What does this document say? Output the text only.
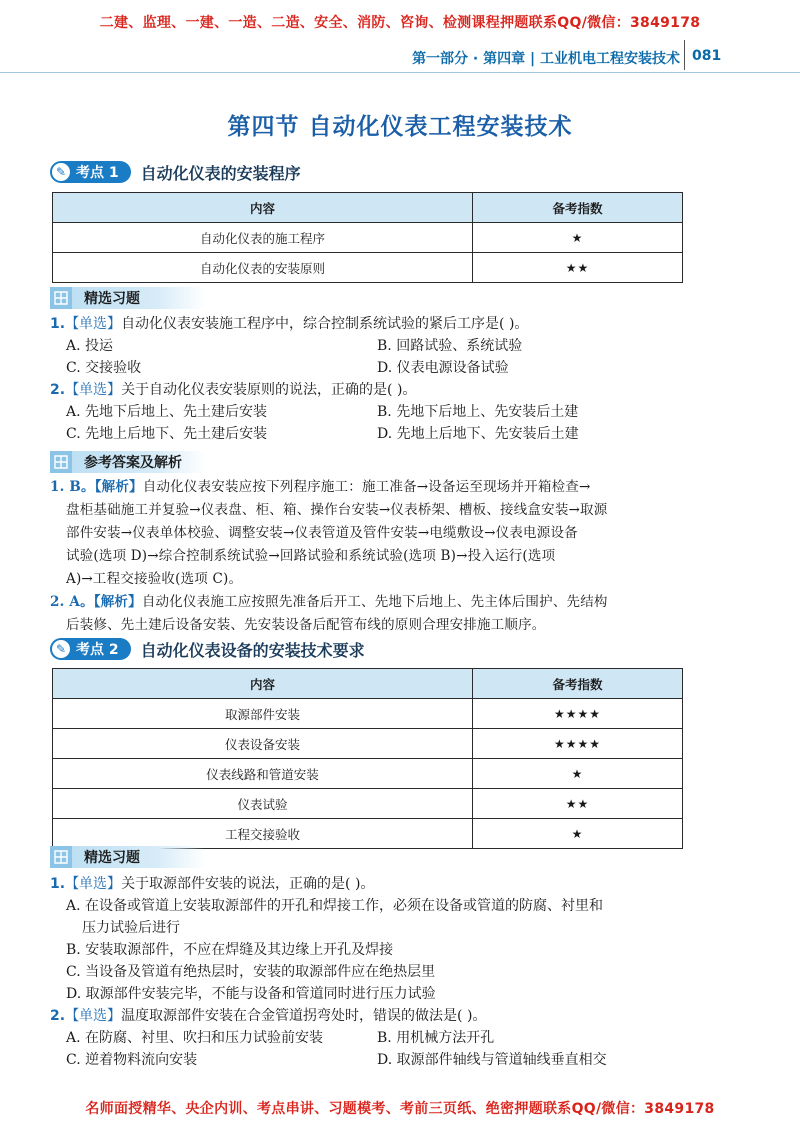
二建、监理、一建、一造、二造、安全、消防、咨询、检测课程押题联系QQ/微信：3849178
第一部分 · 第四章 | 工业机电工程安装技术 081
第四节 自动化仪表工程安装技术
✎ 考点 1 自动化仪表的安装程序
内容	备考指数
自动化仪表的施工程序	★
自动化仪表的安装原则	★★
精选习题
1.【单选】自动化仪表安装施工程序中，综合控制系统试验的紧后工序是( )。
A. 投运	B. 回路试验、系统试验
C. 交接验收	D. 仪表电源设备试验
2.【单选】关于自动化仪表安装原则的说法，正确的是( )。
A. 先地下后地上、先土建后安装	B. 先地下后地上、先安装后土建
C. 先地上后地下、先土建后安装	D. 先地上后地下、先安装后土建
参考答案及解析
1. B。【解析】自动化仪表安装应按下列程序施工：施工准备→设备运至现场并开箱检查→
盘柜基础施工并复验→仪表盘、柜、箱、操作台安装→仪表桥架、槽板、接线盒安装→取源
部件安装→仪表单体校验、调整安装→仪表管道及管件安装→电缆敷设→仪表电源设备
试验(选项 D)→综合控制系统试验→回路试验和系统试验(选项 B)→投入运行(选项
A)→工程交接验收(选项 C)。
2. A。【解析】自动化仪表施工应按照先准备后开工、先地下后地上、先主体后围护、先结构
后装修、先土建后设备安装、先安装设备后配管布线的原则合理安排施工顺序。
✎ 考点 2 自动化仪表设备的安装技术要求
内容	备考指数
取源部件安装	★★★★
仪表设备安装	★★★★
仪表线路和管道安装	★
仪表试验	★★
工程交接验收	★
精选习题
1.【单选】关于取源部件安装的说法，正确的是( )。
A. 在设备或管道上安装取源部件的开孔和焊接工作，必须在设备或管道的防腐、衬里和
压力试验后进行
B. 安装取源部件，不应在焊缝及其边缘上开孔及焊接
C. 当设备及管道有绝热层时，安装的取源部件应在绝热层里
D. 取源部件安装完毕，不能与设备和管道同时进行压力试验
2.【单选】温度取源部件安装在合金管道拐弯处时，错误的做法是( )。
A. 在防腐、衬里、吹扫和压力试验前安装	B. 用机械方法开孔
C. 逆着物料流向安装	D. 取源部件轴线与管道轴线垂直相交
名师面授精华、央企内训、考点串讲、习题模考、考前三页纸、绝密押题联系QQ/微信：3849178
